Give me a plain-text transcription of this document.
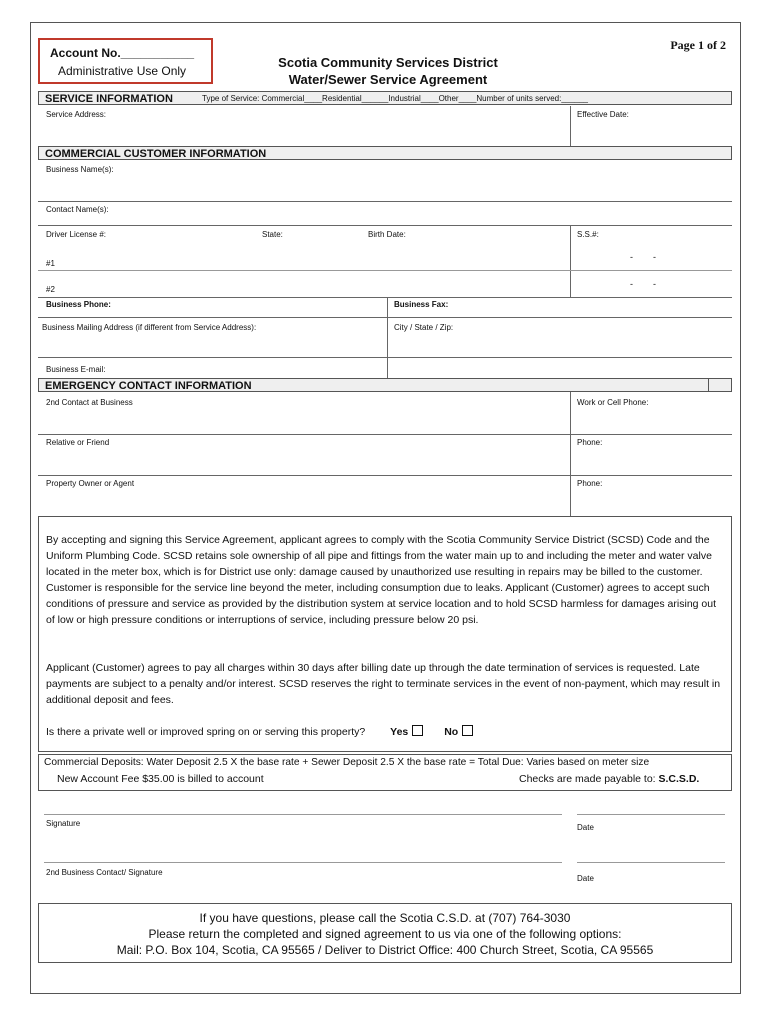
Account No.___________
Administrative Use Only
Page 1 of 2
Scotia Community Services District
Water/Sewer Service Agreement
SERVICE INFORMATION	Type of Service: Commercial____Residential______Industrial____Other____Number of units served:______
Service Address:	Effective Date:
COMMERCIAL CUSTOMER INFORMATION
Business Name(s):
Contact Name(s):
Driver License #:	State:	Birth Date:	S.S.#:
#1
-        -
#2
-        -
Business Phone:	Business Fax:
Business Mailing Address (if different from Service Address):	City / State / Zip:
Business E-mail:
EMERGENCY CONTACT INFORMATION
2nd Contact at Business	Work or Cell Phone:
Relative or Friend	Phone:
Property Owner or Agent	Phone:
By accepting and signing this Service Agreement, applicant agrees to comply with the Scotia Community Service District (SCSD) Code and the Uniform Plumbing Code. SCSD retains sole ownership of all pipe and fittings from the water main up to and including the meter and water valve located in the meter box, which is for District use only: damage caused by unauthorized use resulting in repairs may be billed to the customer. Customer is responsible for the service line beyond the meter, including consumption due to leaks. Applicant (Customer) agrees to accept such conditions of pressure and service as provided by the distribution system at service location and to hold SCSD harmless for damages arising out of low or high pressure conditions or interruptions of service, including pressure below 20 psi.
Applicant (Customer) agrees to pay all charges within 30 days after billing date up through the date termination of services is requested. Late payments are subject to a penalty and/or interest. SCSD reserves the right to terminate services in the event of non-payment, which may result in additional deposit and fees.
Is there a private well or improved spring on or serving this property? Yes	No
Commercial Deposits: Water Deposit 2.5 X the base rate + Sewer Deposit 2.5 X the base rate = Total Due: Varies based on meter size
New Account Fee $35.00 is billed to account	Checks are made payable to: S.C.S.D.
Signature	Date
2nd Business Contact/ Signature
Date
If you have questions, please call the Scotia C.S.D. at (707) 764-3030
Please return the completed and signed agreement to us via one of the following options:
Mail: P.O. Box 104, Scotia, CA 95565 / Deliver to District Office: 400 Church Street, Scotia, CA 95565
